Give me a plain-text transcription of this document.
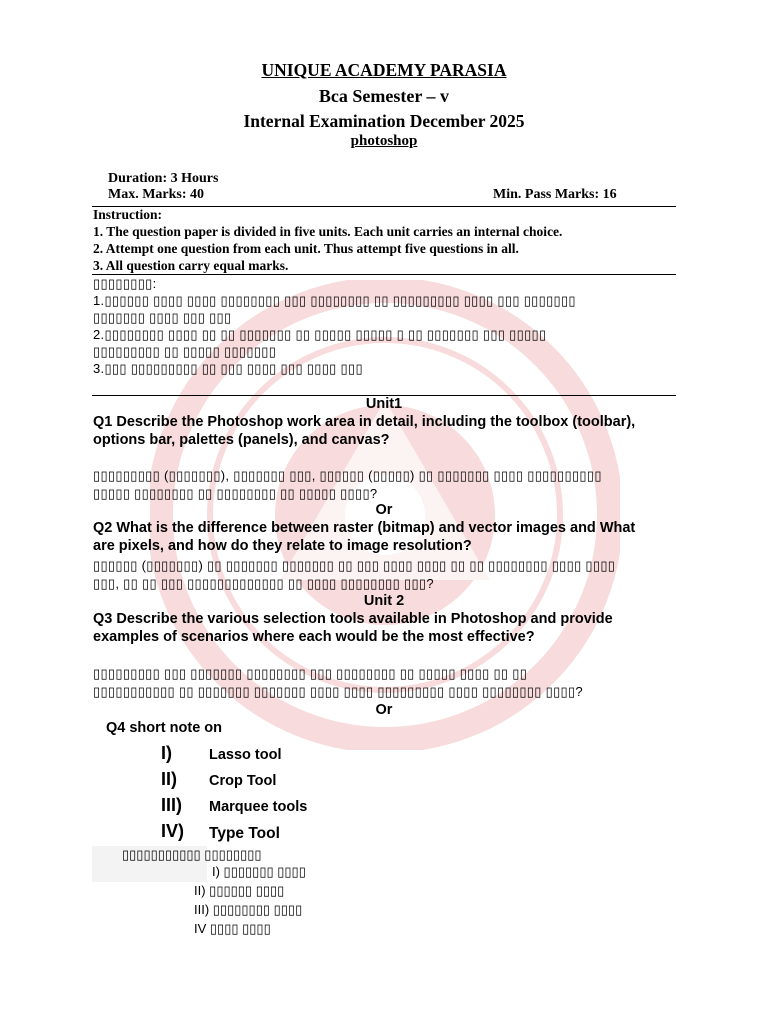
UNIQUE ACADEMY PARASIA
Bca Semester – v
Internal Examination December 2025
photoshop
Duration: 3 Hours
Max. Marks: 40	Min. Pass Marks: 16
Instruction:
1. The question paper is divided in five units. Each unit carries an internal choice.
2. Attempt one question from each unit. Thus attempt five questions in all.
3. All question carry equal marks.
▯▯▯▯▯▯▯▯:
1.▯▯▯▯▯▯ ▯▯▯▯ ▯▯▯▯ ▯▯▯▯▯▯▯▯ ▯▯▯ ▯▯▯▯▯▯▯▯ ▯▯ ▯▯▯▯▯▯▯▯▯ ▯▯▯▯ ▯▯▯ ▯▯▯▯▯▯▯
▯▯▯▯▯▯▯ ▯▯▯▯ ▯▯▯ ▯▯▯
2.▯▯▯▯▯▯▯▯ ▯▯▯▯ ▯▯ ▯▯ ▯▯▯▯▯▯▯ ▯▯ ▯▯▯▯▯ ▯▯▯▯▯ ▯ ▯▯ ▯▯▯▯▯▯▯ ▯▯▯ ▯▯▯▯▯
▯▯▯▯▯▯▯▯▯ ▯▯ ▯▯▯▯▯ ▯▯▯▯▯▯▯
3.▯▯▯ ▯▯▯▯▯▯▯▯▯ ▯▯ ▯▯▯ ▯▯▯▯ ▯▯▯ ▯▯▯▯ ▯▯▯
Unit1
Q1 Describe the Photoshop work area in detail, including the toolbox (toolbar),
options bar, palettes (panels), and canvas?
▯▯▯▯▯▯▯▯▯ (▯▯▯▯▯▯▯), ▯▯▯▯▯▯▯ ▯▯▯, ▯▯▯▯▯▯ (▯▯▯▯▯) ▯▯ ▯▯▯▯▯▯▯ ▯▯▯▯ ▯▯▯▯▯▯▯▯▯▯
▯▯▯▯▯ ▯▯▯▯▯▯▯▯ ▯▯ ▯▯▯▯▯▯▯▯ ▯▯ ▯▯▯▯▯ ▯▯▯▯?
Or
Q2 What is the difference between raster (bitmap) and vector images and What
are pixels, and how do they relate to image resolution?
▯▯▯▯▯▯ (▯▯▯▯▯▯▯) ▯▯ ▯▯▯▯▯▯▯ ▯▯▯▯▯▯▯ ▯▯ ▯▯▯ ▯▯▯▯ ▯▯▯▯ ▯▯ ▯▯ ▯▯▯▯▯▯▯▯ ▯▯▯▯ ▯▯▯▯
▯▯▯, ▯▯ ▯▯ ▯▯▯ ▯▯▯▯▯▯▯▯▯▯▯▯▯ ▯▯ ▯▯▯▯ ▯▯▯▯▯▯▯▯ ▯▯▯?
Unit 2
Q3 Describe the various selection tools available in Photoshop and provide
examples of scenarios where each would be the most effective?
▯▯▯▯▯▯▯▯▯ ▯▯▯ ▯▯▯▯▯▯▯ ▯▯▯▯▯▯▯▯ ▯▯▯ ▯▯▯▯▯▯▯▯ ▯▯ ▯▯▯▯▯ ▯▯▯▯ ▯▯ ▯▯
▯▯▯▯▯▯▯▯▯▯▯ ▯▯ ▯▯▯▯▯▯▯ ▯▯▯▯▯▯▯ ▯▯▯▯ ▯▯▯▯ ▯▯▯▯▯▯▯▯▯ ▯▯▯▯ ▯▯▯▯▯▯▯▯ ▯▯▯▯?
Or
Q4 short note on
I)	Lasso tool
II) Crop Tool
III) Marquee tools
IV) Type Tool
▯▯▯▯▯▯▯▯▯▯▯ ▯▯▯▯▯▯▯▯
I) ▯▯▯▯▯▯▯ ▯▯▯▯
II) ▯▯▯▯▯▯ ▯▯▯▯
III) ▯▯▯▯▯▯▯▯ ▯▯▯▯
IV ▯▯▯▯ ▯▯▯▯
